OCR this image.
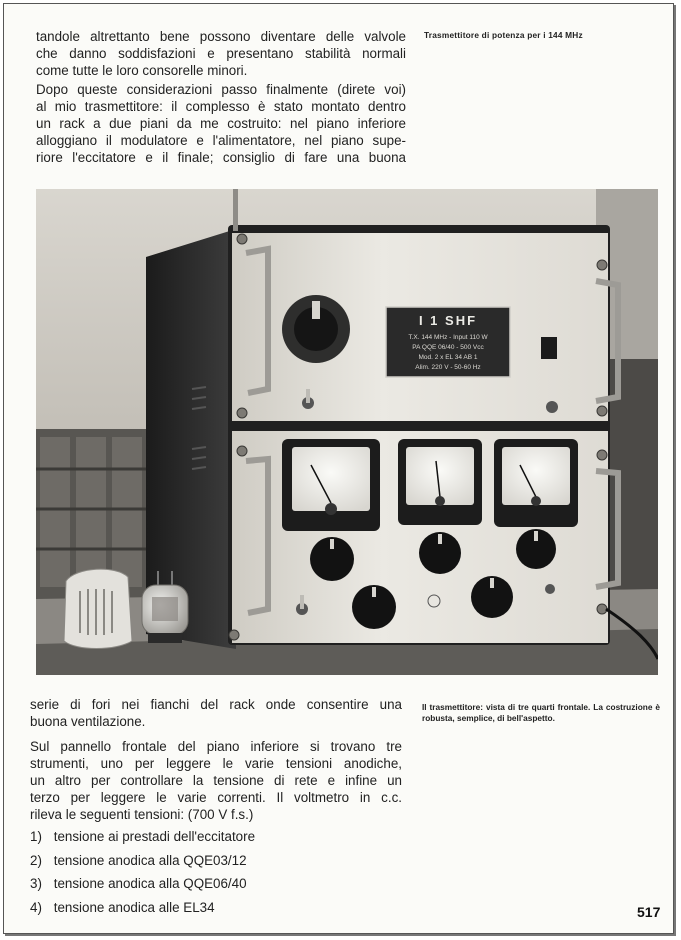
tandole altrettanto bene possono diventare delle valvole
che danno soddisfazioni e presentano stabilità normali
come tutte le loro consorelle minori.
Dopo queste considerazioni passo finalmente (direte voi)
al mio trasmettitore: il complesso è stato montato dentro
un rack a due piani da me costruito: nel piano inferiore
alloggiano il modulatore e l'alimentatore, nel piano supe-
riore l'eccitatore e il finale; consiglio di fare una buona
Trasmettitore di potenza per i 144 MHz
I 1 SHF
T.X. 144 MHz - Input 110 W
PA QQE 06/40 - 500 Vcc
Mod. 2 x EL 34 AB 1
Alim. 220 V - 50-60 Hz
serie di fori nei fianchi del rack onde consentire una
buona ventilazione.
Il trasmettitore: vista di tre quarti frontale. La costruzione è robusta, semplice, di bell'aspetto.
Sul pannello frontale del piano inferiore si trovano tre
strumenti, uno per leggere le varie tensioni anodiche,
un altro per controllare la tensione di rete e infine un
terzo per leggere le varie correnti. Il voltmetro in c.c.
rileva le seguenti tensioni: (700 V f.s.)
1) tensione ai prestadi dell'eccitatore
2) tensione anodica alla QQE03/12
3) tensione anodica alla QQE06/40
4) tensione anodica alle EL34	517
